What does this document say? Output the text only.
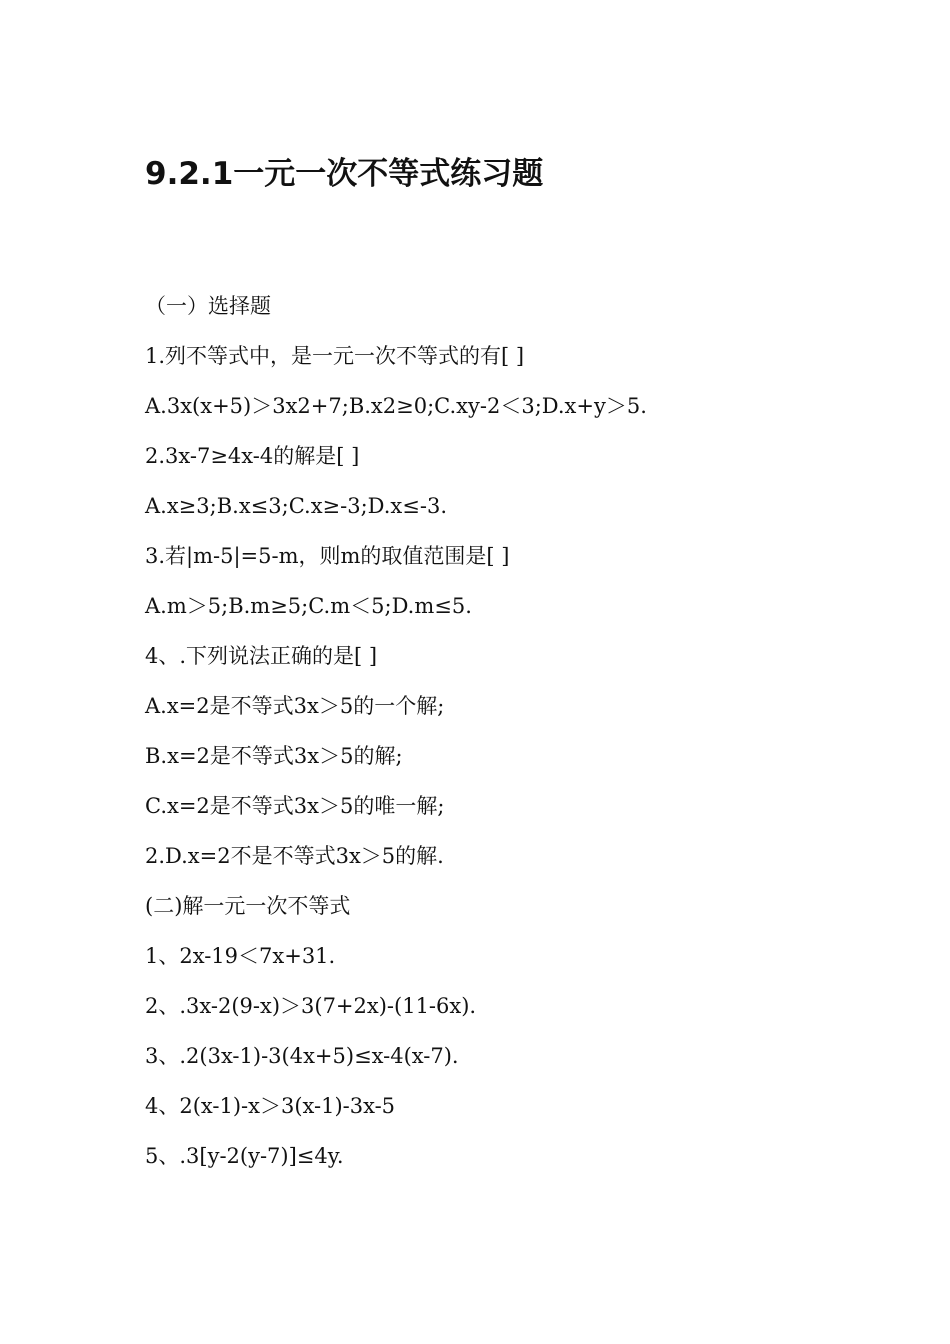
9.2.1一元一次不等式练习题

（一）选择题

1.列不等式中，是一元一次不等式的有[ ]

A.3x(x+5)＞3x2+7;B.x2≥0;C.xy-2＜3;D.x+y＞5.

2.3x-7≥4x-4的解是[ ]

A.x≥3;B.x≤3;C.x≥-3;D.x≤-3.

3.若|m-5|=5-m，则m的取值范围是[ ]

A.m＞5;B.m≥5;C.m＜5;D.m≤5.

4、.下列说法正确的是[ ]

A.x=2是不等式3x＞5的一个解;

B.x=2是不等式3x＞5的解;

C.x=2是不等式3x＞5的唯一解;

2.D.x=2不是不等式3x＞5的解.

(二)解一元一次不等式

1、2x-19＜7x+31.

2、.3x-2(9-x)＞3(7+2x)-(11-6x).

3、.2(3x-1)-3(4x+5)≤x-4(x-7).

4、2(x-1)-x＞3(x-1)-3x-5

5、.3[y-2(y-7)]≤4y.
